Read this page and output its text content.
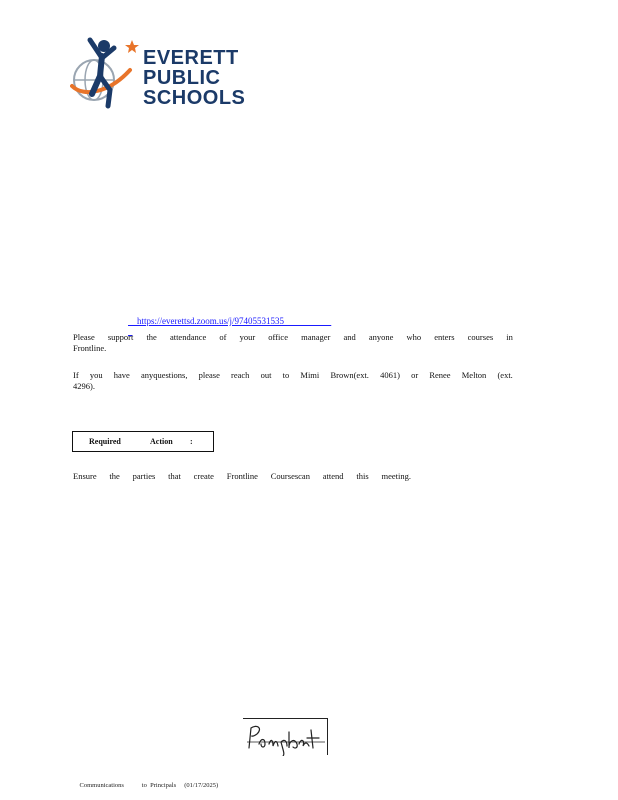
EVERETT
PUBLIC
SCHOOLS

https://everettsd.zoom.us/j/97405531535

Please support the attendance of your office manager and anyone who enters courses in
Frontline.
If you have anyquestions, please reach out to Mimi Brown(ext. 4061) or Renee Melton (ext.
4296).
Required	Action :
Ensure the parties that create Frontline Coursescan attend this meeting.

Communications	to Principals (01/17/2025)
